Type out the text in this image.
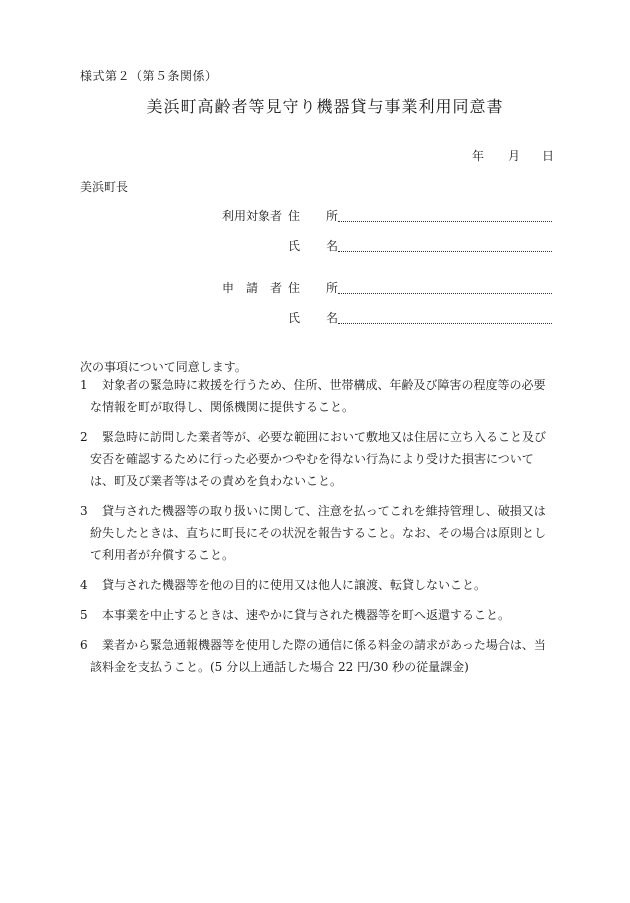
様式第２（第５条関係）
美浜町高齢者等見守り機器貸与事業利用同意書
年 月 日
美浜町長
利用対象者 住 所
氏 名
申　請　者 住 所
氏 名
次の事項について同意します。
1 対象者の緊急時に救援を行うため、住所、世帯構成、年齢及び障害の程度等の必要な情報を町が取得し、関係機関に提供すること。
2 緊急時に訪問した業者等が、必要な範囲において敷地又は住居に立ち入ること及び安否を確認するために行った必要かつやむを得ない行為により受けた損害については、町及び業者等はその責めを負わないこと。
3 貸与された機器等の取り扱いに関して、注意を払ってこれを維持管理し、破損又は紛失したときは、直ちに町長にその状況を報告すること。なお、その場合は原則として利用者が弁償すること。
4 貸与された機器等を他の目的に使用又は他人に譲渡、転貸しないこと。
5 本事業を中止するときは、速やかに貸与された機器等を町へ返還すること。
6 業者から緊急通報機器等を使用した際の通信に係る料金の請求があった場合は、当該料金を支払うこと。(5 分以上通話した場合 22 円/30 秒の従量課金)
